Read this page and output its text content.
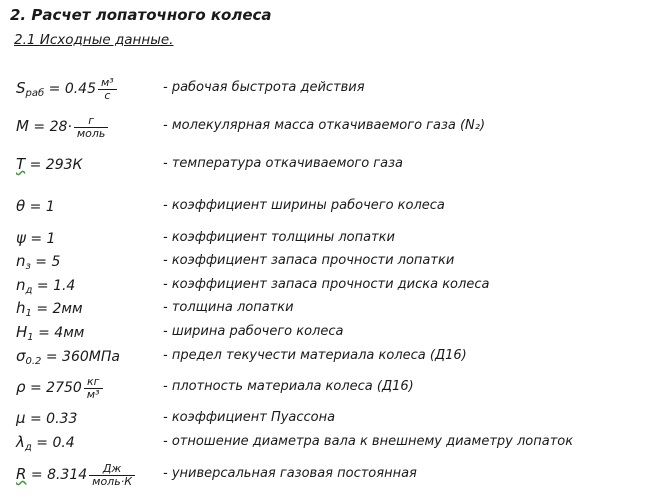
2. Расчет лопаточного колеса
2.1 Исходные данные.
$S_{раб} = 0.45 \frac{\text{м³}}{с}$	- рабочая быстрота действия
$M = 28\cdot \frac{г}{\text{моль}}$	- молекулярная масса откачиваемого газа (N₂)
T = 293К	- температура откачиваемого газа
θ = 1	- коэффициент ширины рабочего колеса
ψ = 1	- коэффициент толщины лопатки
$n_з = 5$	- коэффициент запаса прочности лопатки
$n_д = 1.4$	- коэффициент запаса прочности диска колеса
$h_1 = 2мм$	- толщина лопатки
$H_1 = 4мм$	- ширина рабочего колеса
$\sigma_{0.2} = 360МПа$	- предел текучести материала колеса (Д16)
$\rho = 2750 \frac{кг}{\text{м³}}$	- плотность материала колеса (Д16)
μ = 0.33	- коэффициент Пуассона
$\lambda_д = 0.4$	- отношение диаметра вала к внешнему диаметру лопаток
$R = 8.314 \frac{Дж}{\text{моль·К}}$ - универсальная газовая постоянная
